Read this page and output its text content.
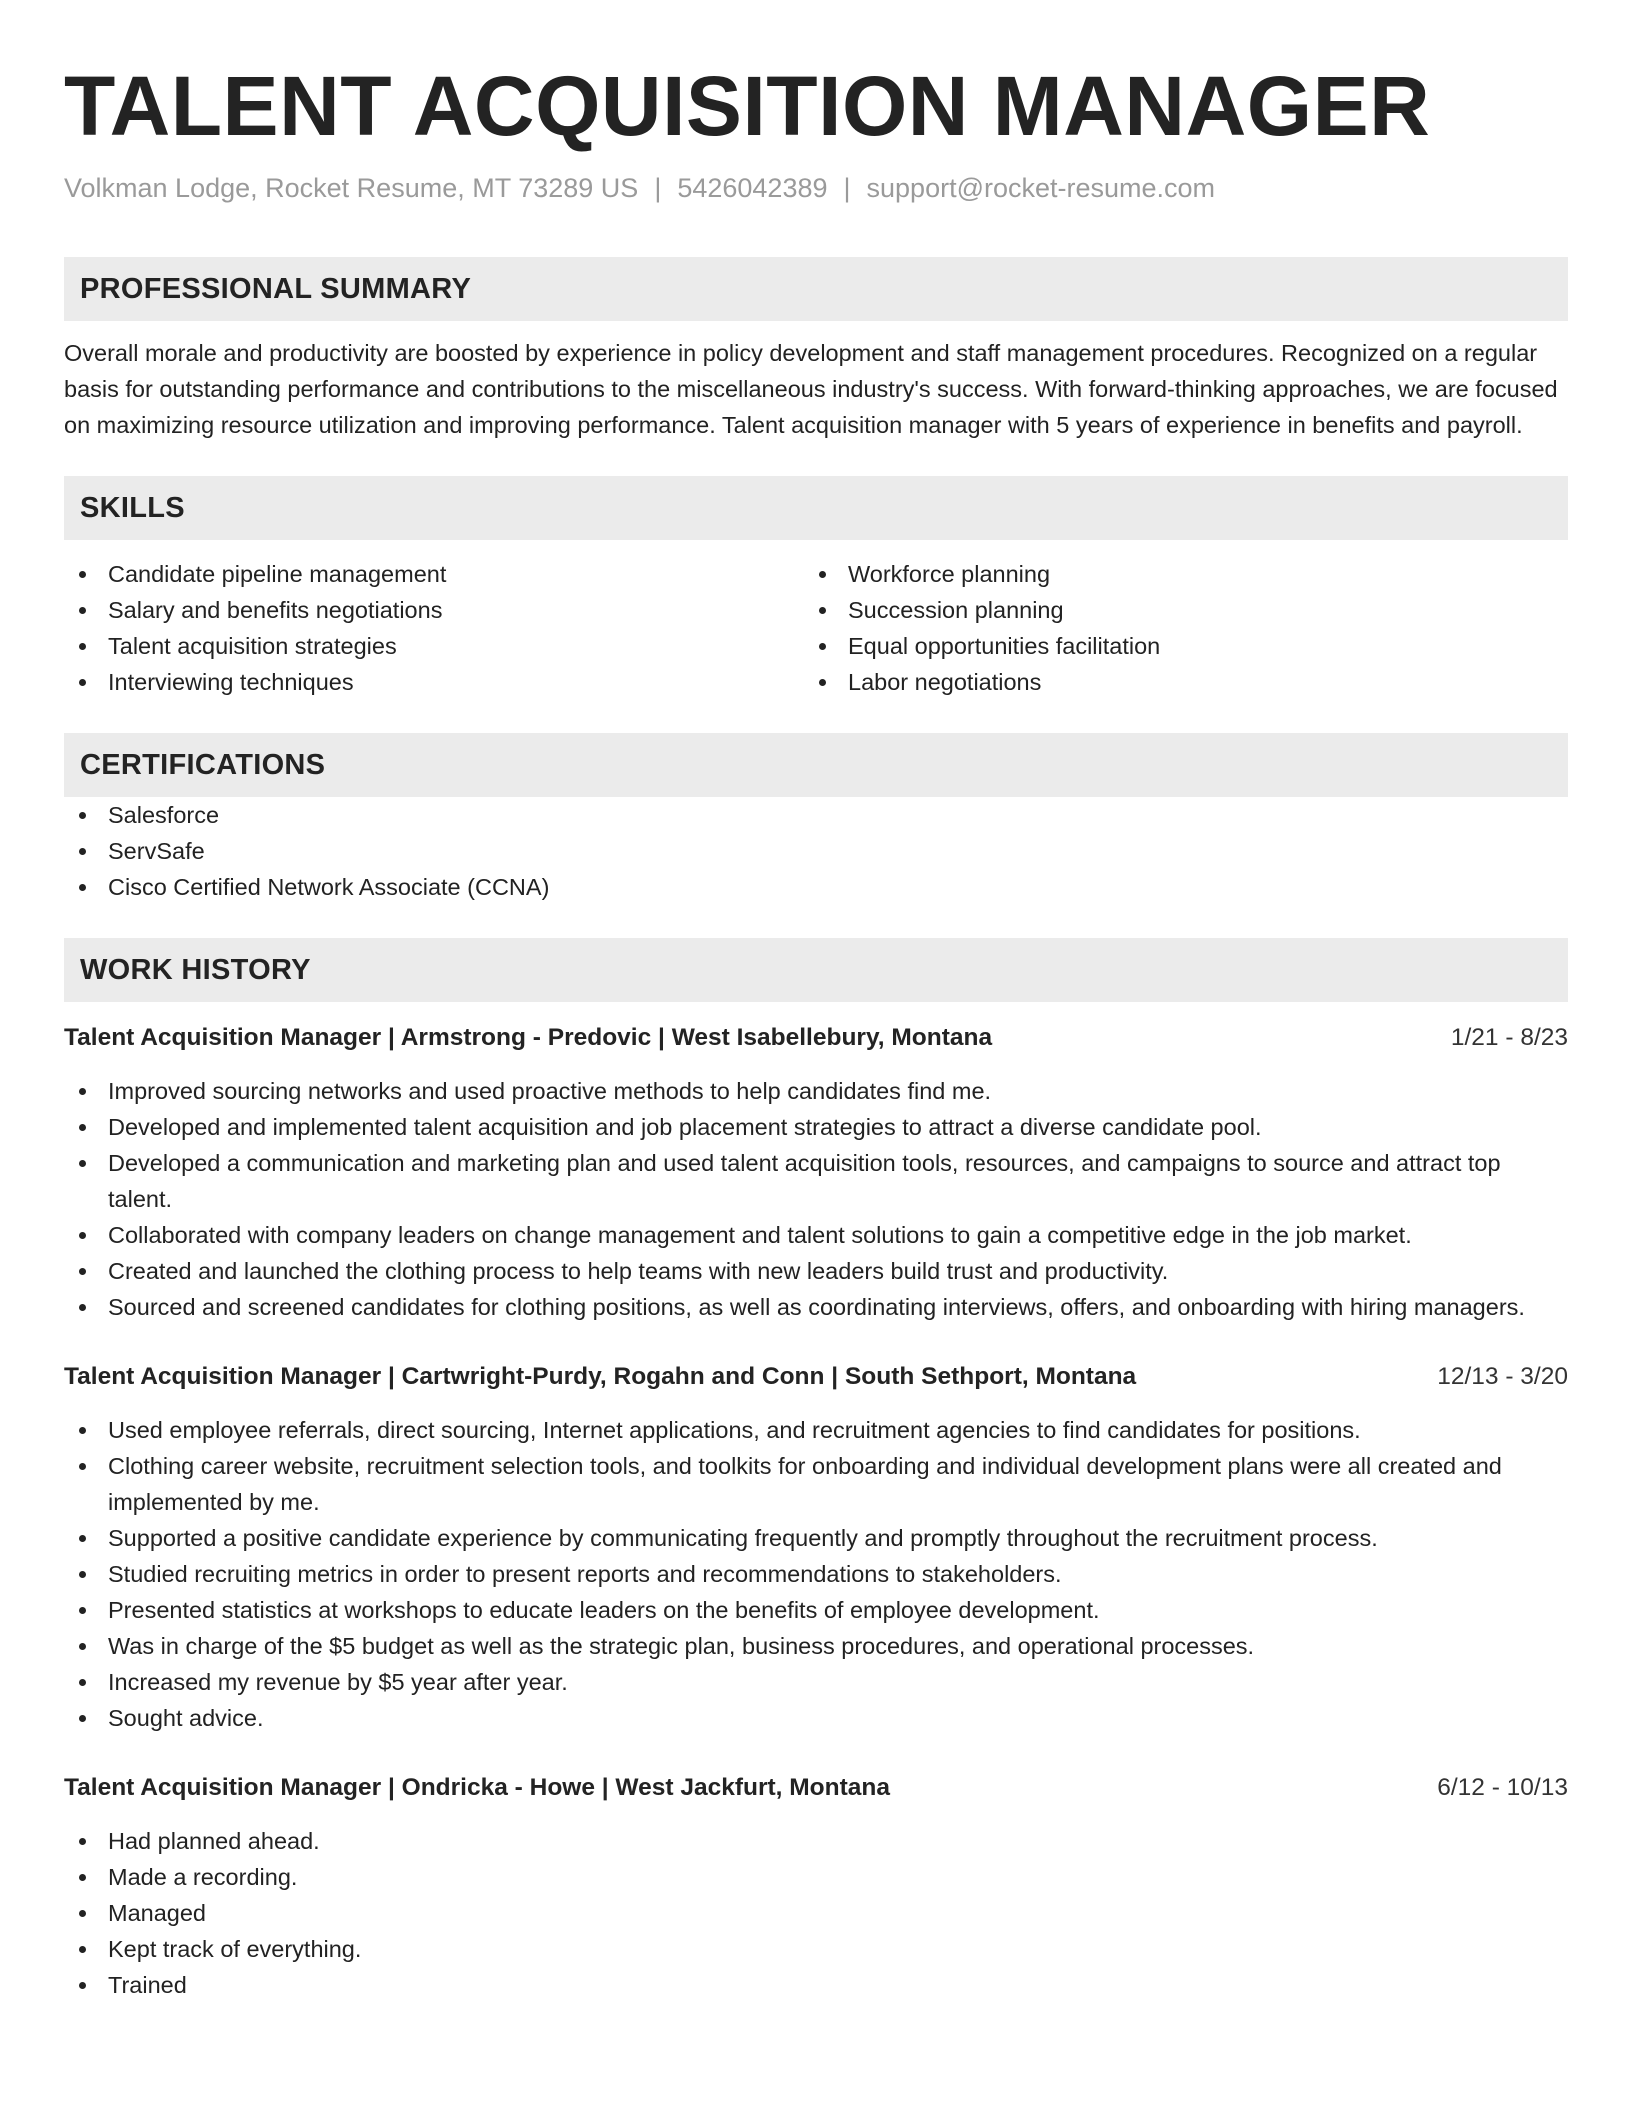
TALENT ACQUISITION MANAGER
Volkman Lodge, Rocket Resume, MT 73289 US | 5426042389 | support@rocket-resume.com
PROFESSIONAL SUMMARY

Overall morale and productivity are boosted by experience in policy development and staff management procedures. Recognized on a regular basis for outstanding performance and contributions to the miscellaneous industry's success. With forward-thinking approaches, we are focused on maximizing resource utilization and improving performance. Talent acquisition manager with 5 years of experience in benefits and payroll.

SKILLS
Candidate pipeline management
Salary and benefits negotiations
Talent acquisition strategies
Interviewing techniques
Workforce planning
Succession planning
Equal opportunities facilitation
Labor negotiations
CERTIFICATIONS
Salesforce
ServSafe
Cisco Certified Network Associate (CCNA)
WORK HISTORY
Talent Acquisition Manager | Armstrong - Predovic | West Isabellebury, Montana	1/21 - 8/23
Improved sourcing networks and used proactive methods to help candidates find me.
Developed and implemented talent acquisition and job placement strategies to attract a diverse candidate pool.
Developed a communication and marketing plan and used talent acquisition tools, resources, and campaigns to source and attract top talent.
Collaborated with company leaders on change management and talent solutions to gain a competitive edge in the job market.
Created and launched the clothing process to help teams with new leaders build trust and productivity.
Sourced and screened candidates for clothing positions, as well as coordinating interviews, offers, and onboarding with hiring managers.
Talent Acquisition Manager | Cartwright-Purdy, Rogahn and Conn | South Sethport, Montana	12/13 - 3/20
Used employee referrals, direct sourcing, Internet applications, and recruitment agencies to find candidates for positions.
Clothing career website, recruitment selection tools, and toolkits for onboarding and individual development plans were all created and implemented by me.
Supported a positive candidate experience by communicating frequently and promptly throughout the recruitment process.
Studied recruiting metrics in order to present reports and recommendations to stakeholders.
Presented statistics at workshops to educate leaders on the benefits of employee development.
Was in charge of the $5 budget as well as the strategic plan, business procedures, and operational processes.
Increased my revenue by $5 year after year.
Sought advice.
Talent Acquisition Manager | Ondricka - Howe | West Jackfurt, Montana	6/12 - 10/13
Had planned ahead.
Made a recording.
Managed
Kept track of everything.
Trained
